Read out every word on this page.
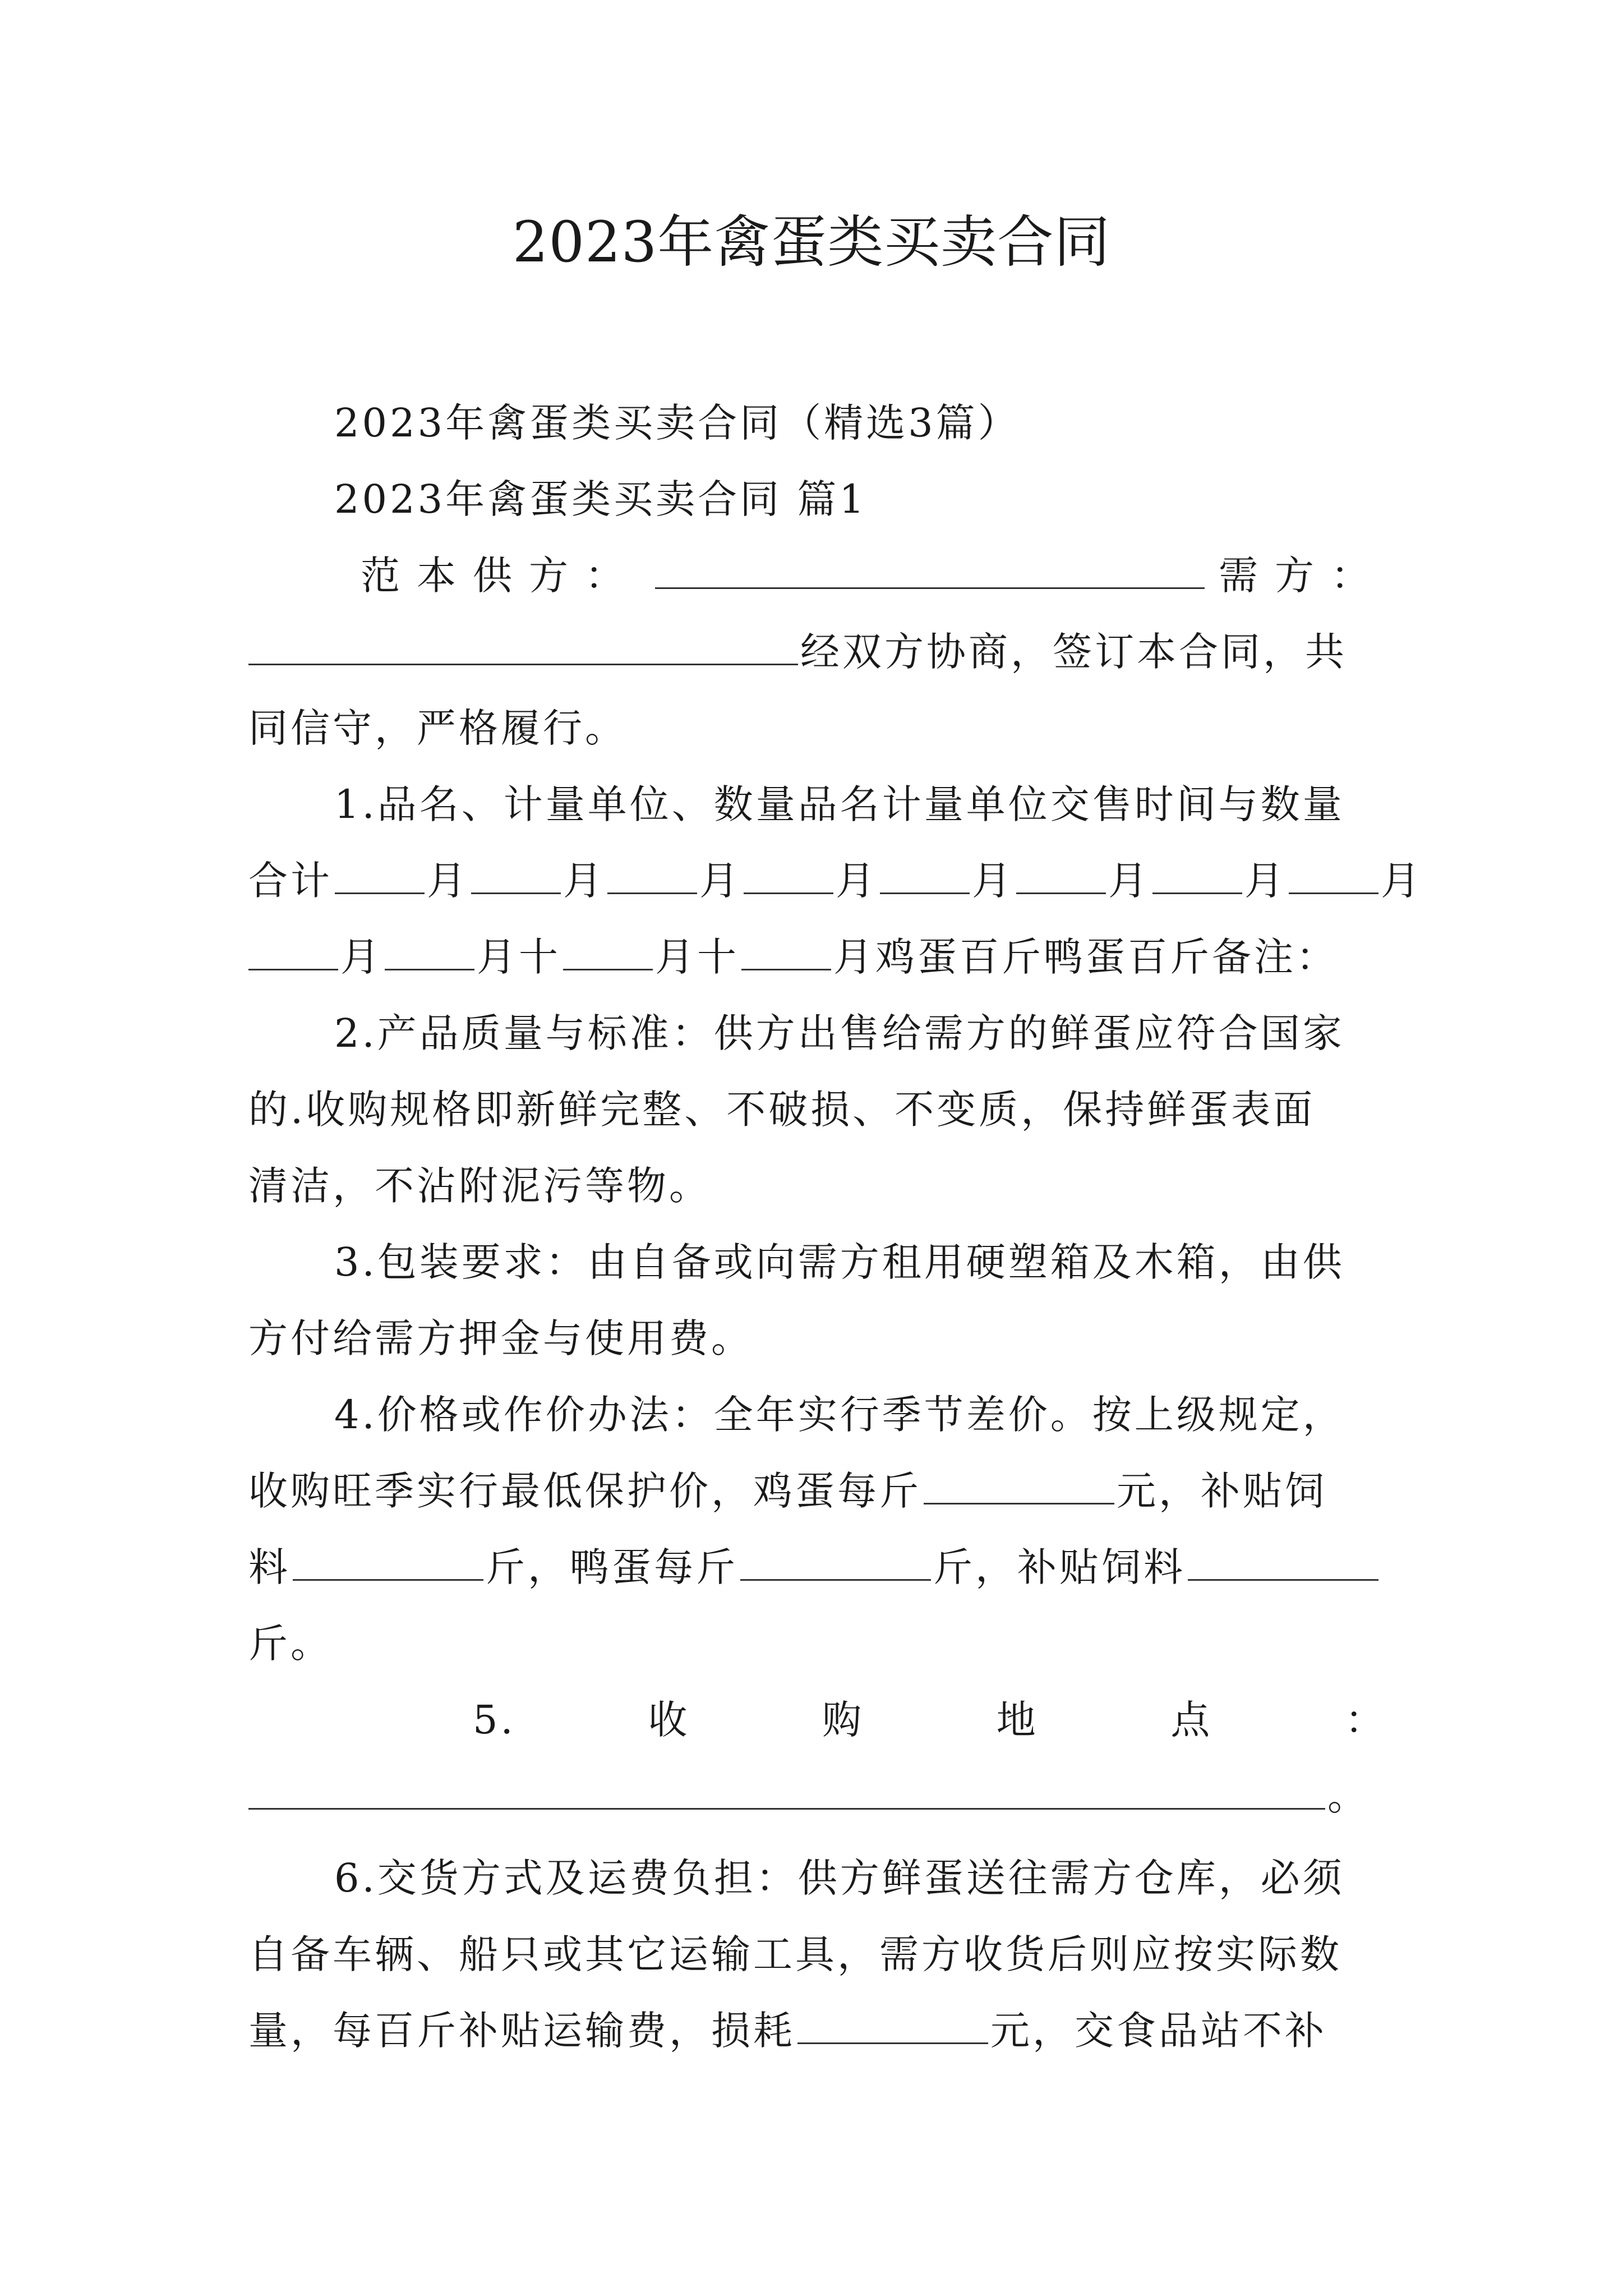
2023年禽蛋类买卖合同
2023年禽蛋类买卖合同（精选3篇）
2023年禽蛋类买卖合同 篇1
范本供方：	需方：
经双方协商，签订本合同，共
同信守，严格履行。
1.品名、计量单位、数量品名计量单位交售时间与数量
合计 月 月 月 月 月 月 月 月
月 月十 月十 月鸡蛋百斤鸭蛋百斤备注：
2.产品质量与标准：供方出售给需方的鲜蛋应符合国家
的.收购规格即新鲜完整、不破损、不变质，保持鲜蛋表面
清洁，不沾附泥污等物。
3.包装要求：由自备或向需方租用硬塑箱及木箱，由供
方付给需方押金与使用费。
4.价格或作价办法：全年实行季节差价。按上级规定，
收购旺季实行最低保护价，鸡蛋每斤	元，补贴饲
料	斤，鸭蛋每斤	斤，补贴饲料
斤。
5.	收	购	地	点	：
。
6.交货方式及运费负担：供方鲜蛋送往需方仓库，必须
自备车辆、船只或其它运输工具，需方收货后则应按实际数
量，每百斤补贴运输费，损耗	元，交食品站不补
